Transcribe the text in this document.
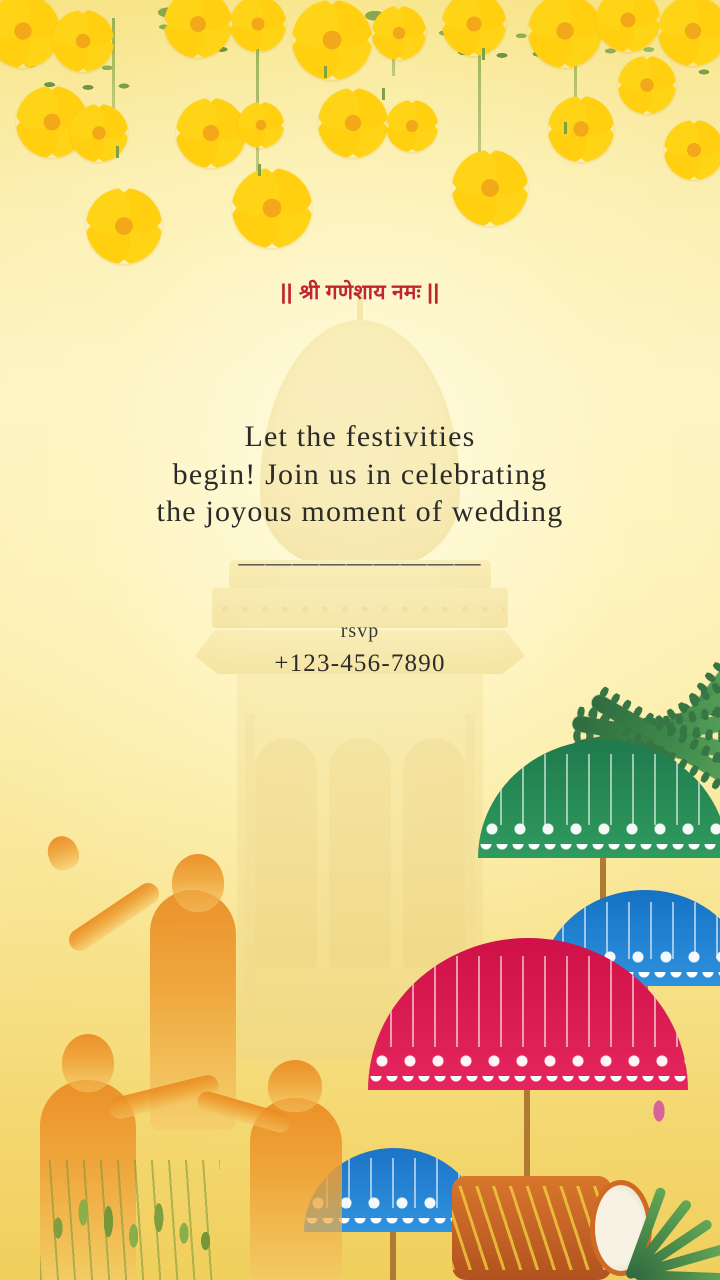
|| श्री गणेशाय नमः ||
Let the festivities
begin! Join us in celebrating
the joyous moment of wedding
—————————
rsvp
+123-456-7890
